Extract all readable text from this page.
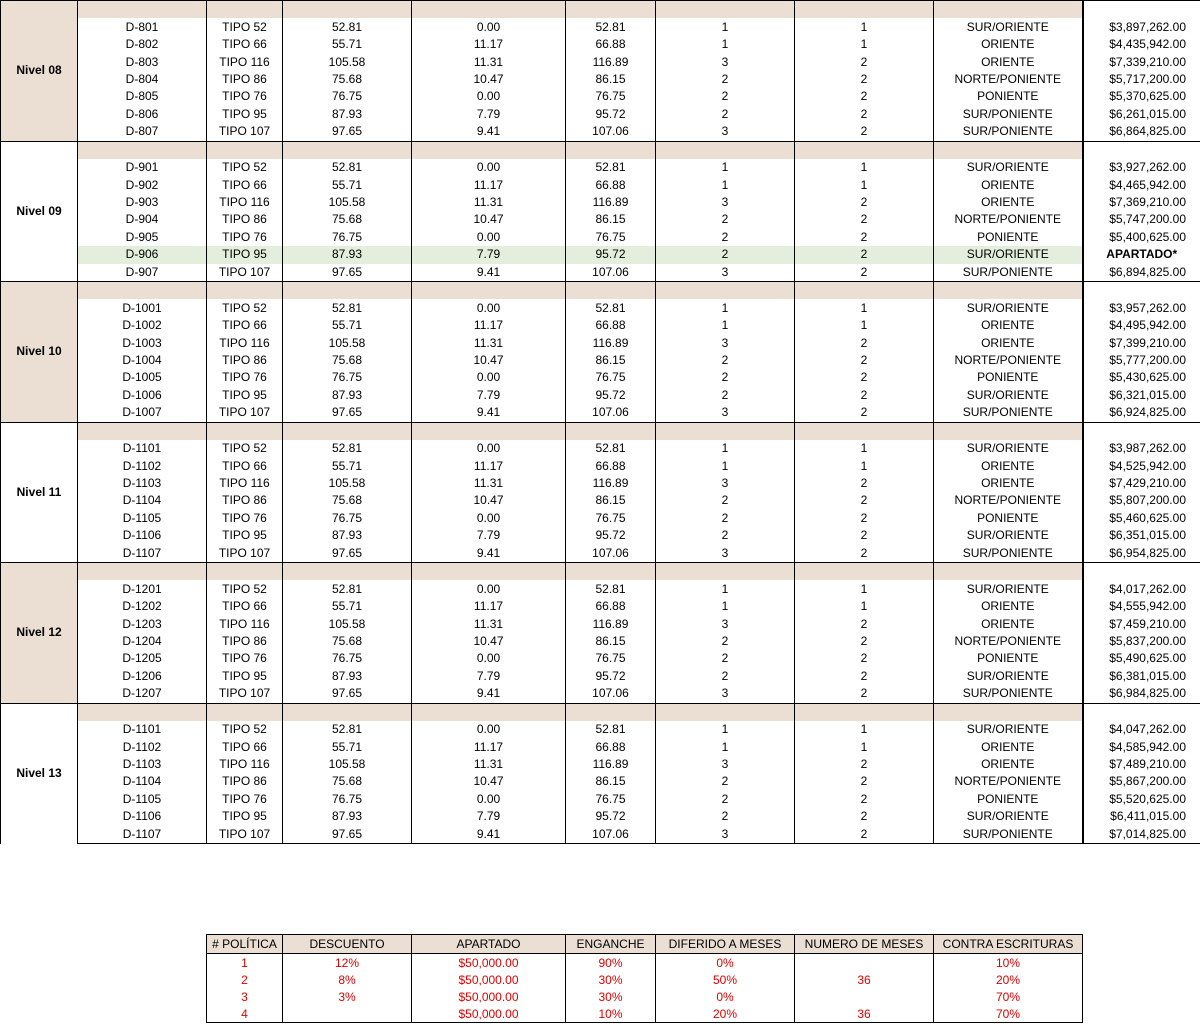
Nivel 08									
	D-801	TIPO 52	52.81	0.00	52.81	1	1	SUR/ORIENTE	$3,897,262.00
	D-802	TIPO 66	55.71	11.17	66.88	1	1	ORIENTE	$4,435,942.00
	D-803	TIPO 116	105.58	11.31	116.89	3	2	ORIENTE	$7,339,210.00
	D-804	TIPO 86	75.68	10.47	86.15	2	2	NORTE/PONIENTE	$5,717,200.00
	D-805	TIPO 76	76.75	0.00	76.75	2	2	PONIENTE	$5,370,625.00
	D-806	TIPO 95	87.93	7.79	95.72	2	2	SUR/PONIENTE	$6,261,015.00
	D-807	TIPO 107	97.65	9.41	107.06	3	2	SUR/PONIENTE	$6,864,825.00
Nivel 09									
	D-901	TIPO 52	52.81	0.00	52.81	1	1	SUR/ORIENTE	$3,927,262.00
	D-902	TIPO 66	55.71	11.17	66.88	1	1	ORIENTE	$4,465,942.00
	D-903	TIPO 116	105.58	11.31	116.89	3	2	ORIENTE	$7,369,210.00
	D-904	TIPO 86	75.68	10.47	86.15	2	2	NORTE/PONIENTE	$5,747,200.00
	D-905	TIPO 76	76.75	0.00	76.75	2	2	PONIENTE	$5,400,625.00
	D-906	TIPO 95	87.93	7.79	95.72	2	2	SUR/ORIENTE	APARTADO*
	D-907	TIPO 107	97.65	9.41	107.06	3	2	SUR/PONIENTE	$6,894,825.00
Nivel 10									
	D-1001	TIPO 52	52.81	0.00	52.81	1	1	SUR/ORIENTE	$3,957,262.00
	D-1002	TIPO 66	55.71	11.17	66.88	1	1	ORIENTE	$4,495,942.00
	D-1003	TIPO 116	105.58	11.31	116.89	3	2	ORIENTE	$7,399,210.00
	D-1004	TIPO 86	75.68	10.47	86.15	2	2	NORTE/PONIENTE	$5,777,200.00
	D-1005	TIPO 76	76.75	0.00	76.75	2	2	PONIENTE	$5,430,625.00
	D-1006	TIPO 95	87.93	7.79	95.72	2	2	SUR/ORIENTE	$6,321,015.00
	D-1007	TIPO 107	97.65	9.41	107.06	3	2	SUR/PONIENTE	$6,924,825.00
Nivel 11									
	D-1101	TIPO 52	52.81	0.00	52.81	1	1	SUR/ORIENTE	$3,987,262.00
	D-1102	TIPO 66	55.71	11.17	66.88	1	1	ORIENTE	$4,525,942.00
	D-1103	TIPO 116	105.58	11.31	116.89	3	2	ORIENTE	$7,429,210.00
	D-1104	TIPO 86	75.68	10.47	86.15	2	2	NORTE/PONIENTE	$5,807,200.00
	D-1105	TIPO 76	76.75	0.00	76.75	2	2	PONIENTE	$5,460,625.00
	D-1106	TIPO 95	87.93	7.79	95.72	2	2	SUR/ORIENTE	$6,351,015.00
	D-1107	TIPO 107	97.65	9.41	107.06	3	2	SUR/PONIENTE	$6,954,825.00
Nivel 12									
	D-1201	TIPO 52	52.81	0.00	52.81	1	1	SUR/ORIENTE	$4,017,262.00
	D-1202	TIPO 66	55.71	11.17	66.88	1	1	ORIENTE	$4,555,942.00
	D-1203	TIPO 116	105.58	11.31	116.89	3	2	ORIENTE	$7,459,210.00
	D-1204	TIPO 86	75.68	10.47	86.15	2	2	NORTE/PONIENTE	$5,837,200.00
	D-1205	TIPO 76	76.75	0.00	76.75	2	2	PONIENTE	$5,490,625.00
	D-1206	TIPO 95	87.93	7.79	95.72	2	2	SUR/ORIENTE	$6,381,015.00
	D-1207	TIPO 107	97.65	9.41	107.06	3	2	SUR/PONIENTE	$6,984,825.00
Nivel 13									
	D-1101	TIPO 52	52.81	0.00	52.81	1	1	SUR/ORIENTE	$4,047,262.00
	D-1102	TIPO 66	55.71	11.17	66.88	1	1	ORIENTE	$4,585,942.00
	D-1103	TIPO 116	105.58	11.31	116.89	3	2	ORIENTE	$7,489,210.00
	D-1104	TIPO 86	75.68	10.47	86.15	2	2	NORTE/PONIENTE	$5,867,200.00
	D-1105	TIPO 76	76.75	0.00	76.75	2	2	PONIENTE	$5,520,625.00
	D-1106	TIPO 95	87.93	7.79	95.72	2	2	SUR/ORIENTE	$6,411,015.00
	D-1107	TIPO 107	97.65	9.41	107.06	3	2	SUR/PONIENTE	$7,014,825.00
# POLÍTICA	DESCUENTO	APARTADO	ENGANCHE	DIFERIDO A MESES	NUMERO DE MESES	CONTRA ESCRITURAS
1	12%	$50,000.00	90%	0%		10%
2	8%	$50,000.00	30%	50%	36	20%
3	3%	$50,000.00	30%	0%		70%
4		$50,000.00	10%	20%	36	70%
